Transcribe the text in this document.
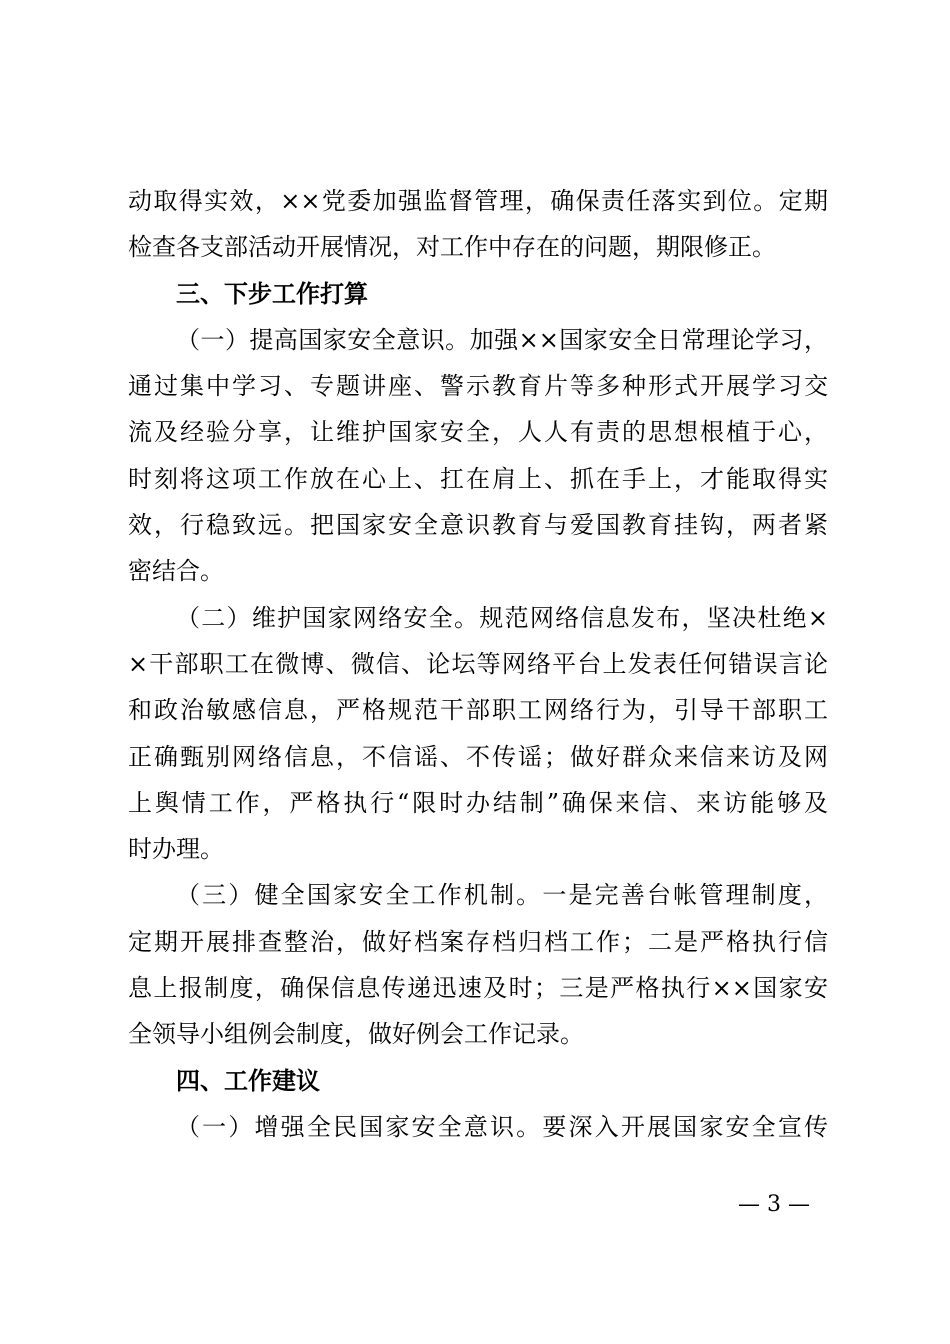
动取得实效，××党委加强监督管理，确保责任落实到位。定期
检查各支部活动开展情况，对工作中存在的问题，期限修正。
三、下步工作打算
（一）提高国家安全意识。加强××国家安全日常理论学习，
通过集中学习、专题讲座、警示教育片等多种形式开展学习交
流及经验分享，让维护国家安全，人人有责的思想根植于心，
时刻将这项工作放在心上、扛在肩上、抓在手上，才能取得实
效，行稳致远。把国家安全意识教育与爱国教育挂钩，两者紧
密结合。
（二）维护国家网络安全。规范网络信息发布，坚决杜绝×
×干部职工在微博、微信、论坛等网络平台上发表任何错误言论
和政治敏感信息，严格规范干部职工网络行为，引导干部职工
正确甄别网络信息，不信谣、不传谣；做好群众来信来访及网
上舆情工作，严格执行“限时办结制”确保来信、来访能够及
时办理。
（三）健全国家安全工作机制。一是完善台帐管理制度，
定期开展排查整治，做好档案存档归档工作；二是严格执行信
息上报制度，确保信息传递迅速及时；三是严格执行××国家安
全领导小组例会制度，做好例会工作记录。
四、工作建议
（一）增强全民国家安全意识。要深入开展国家安全宣传
— 3 —
